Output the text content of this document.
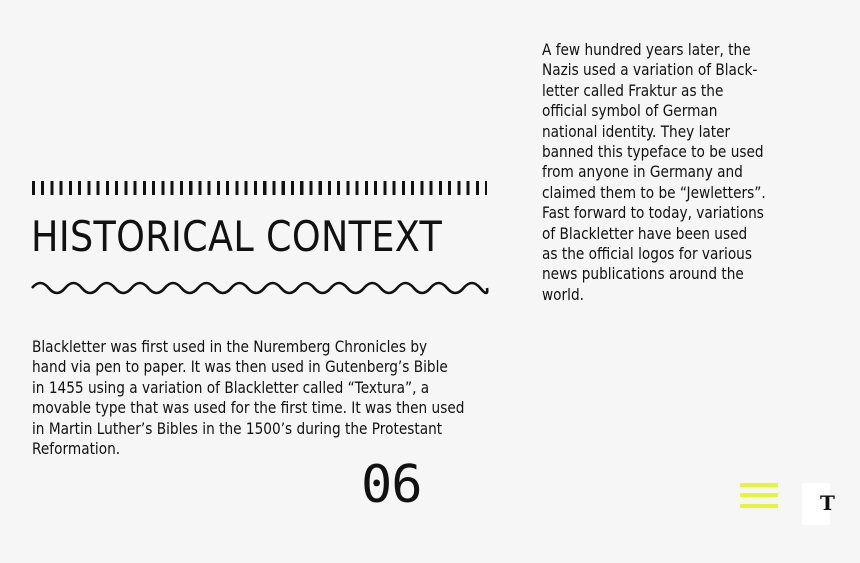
HISTORICAL CONTEXT

Blackletter was first used in the Nuremberg Chronicles by
hand via pen to paper. It was then used in Gutenberg’s Bible
in 1455 using a variation of Blackletter called “Textura”, a
movable type that was used for the first time. It was then used
in Martin Luther’s Bibles in the 1500’s during the Protestant
Reformation.

A few hundred years later, the
Nazis used a variation of Black-
letter called Fraktur as the
official symbol of German
national identity. They later
banned this typeface to be used
from anyone in Germany and
claimed them to be “Jewletters”.
Fast forward to today, variations
of Blackletter have been used
as the official logos for various
news publications around the
world.

06	T
